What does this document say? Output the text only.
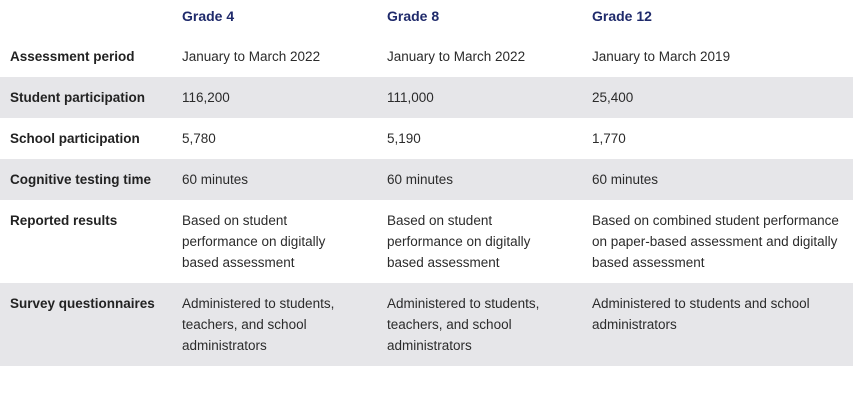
	Grade 4	Grade 8	Grade 12
Assessment period	January to March 2022	January to March 2022	January to March 2019
Student participation	116,200	111,000	25,400
School participation	5,780	5,190	1,770
Cognitive testing time	60 minutes	60 minutes	60 minutes
Reported results	Based on student performance on digitally based assessment	Based on student performance on digitally based assessment	Based on combined student performance on paper-based assessment and digitally based assessment
Survey questionnaires	Administered to students, teachers, and school administrators	Administered to students, teachers, and school administrators	Administered to students and school administrators
